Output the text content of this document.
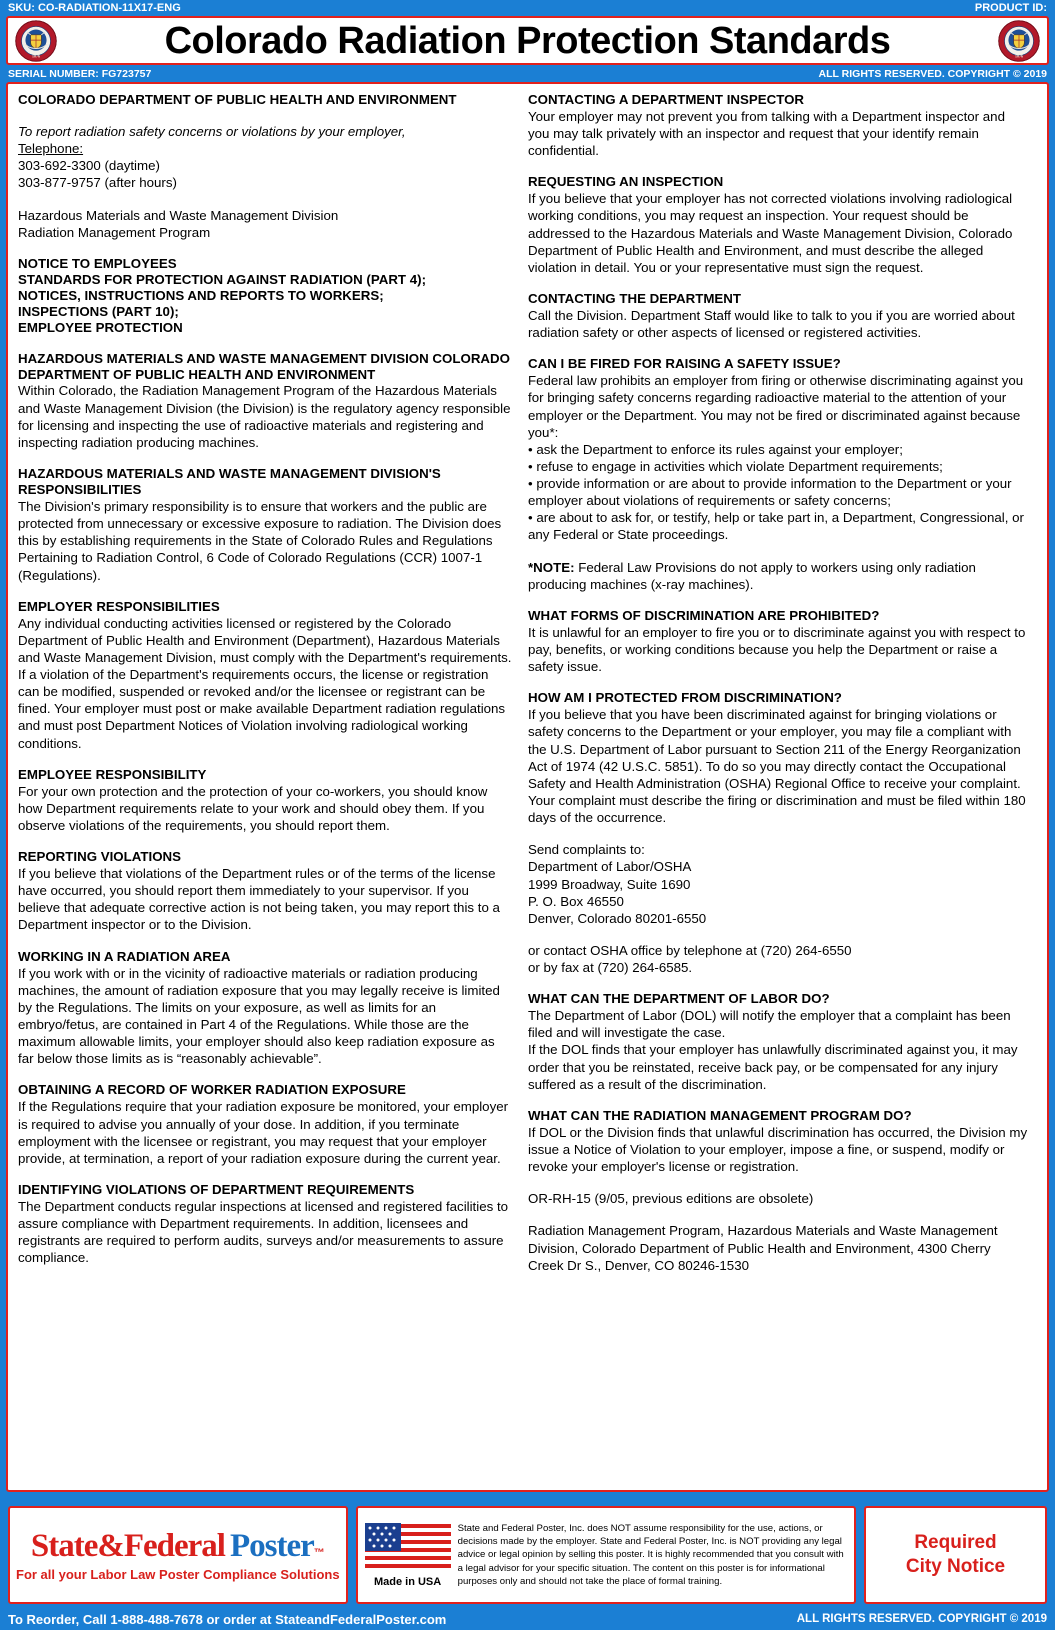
SKU: CO-RADIATION-11X17-ENG	PRODUCT ID:
1876	Colorado Radiation Protection Standards	1876
SERIAL NUMBER: FG723757	ALL RIGHTS RESERVED. COPYRIGHT © 2019
COLORADO DEPARTMENT OF PUBLIC HEALTH AND ENVIRONMENT

To report radiation safety concerns or violations by your employer,

Telephone:

303-692-3300 (daytime)

303-877-9757 (after hours)

Hazardous Materials and Waste Management Division

Radiation Management Program

NOTICE TO EMPLOYEES
STANDARDS FOR PROTECTION AGAINST RADIATION (PART 4);
NOTICES, INSTRUCTIONS AND REPORTS TO WORKERS;
INSPECTIONS (PART 10);
EMPLOYEE PROTECTION
HAZARDOUS MATERIALS AND WASTE MANAGEMENT DIVISION COLORADO DEPARTMENT OF PUBLIC HEALTH AND ENVIRONMENT

Within Colorado, the Radiation Management Program of the Hazardous Materials and Waste Management Division (the Division) is the regulatory agency responsible for licensing and inspecting the use of radioactive materials and registering and inspecting radiation producing machines.

HAZARDOUS MATERIALS AND WASTE MANAGEMENT DIVISION'S RESPONSIBILITIES

The Division's primary responsibility is to ensure that workers and the public are protected from unnecessary or excessive exposure to radiation. The Division does this by establishing requirements in the State of Colorado Rules and Regulations Pertaining to Radiation Control, 6 Code of Colorado Regulations (CCR) 1007-1 (Regulations).

EMPLOYER RESPONSIBILITIES

Any individual conducting activities licensed or registered by the Colorado Department of Public Health and Environment (Department), Hazardous Materials and Waste Management Division, must comply with the Department's requirements. If a violation of the Department's requirements occurs, the license or registration can be modified, suspended or revoked and/or the licensee or registrant can be fined. Your employer must post or make available Department radiation regulations and must post Department Notices of Violation involving radiological working conditions.

EMPLOYEE RESPONSIBILITY

For your own protection and the protection of your co-workers, you should know how Department requirements relate to your work and should obey them. If you observe violations of the requirements, you should report them.

REPORTING VIOLATIONS

If you believe that violations of the Department rules or of the terms of the license have occurred, you should report them immediately to your supervisor. If you believe that adequate corrective action is not being taken, you may report this to a Department inspector or to the Division.

WORKING IN A RADIATION AREA

If you work with or in the vicinity of radioactive materials or radiation producing machines, the amount of radiation exposure that you may legally receive is limited by the Regulations. The limits on your exposure, as well as limits for an embryo/fetus, are contained in Part 4 of the Regulations. While those are the maximum allowable limits, your employer should also keep radiation exposure as far below those limits as is “reasonably achievable”.

OBTAINING A RECORD OF WORKER RADIATION EXPOSURE

If the Regulations require that your radiation exposure be monitored, your employer is required to advise you annually of your dose. In addition, if you terminate employment with the licensee or registrant, you may request that your employer provide, at termination, a report of your radiation exposure during the current year.

IDENTIFYING VIOLATIONS OF DEPARTMENT REQUIREMENTS

The Department conducts regular inspections at licensed and registered facilities to assure compliance with Department requirements. In addition, licensees and registrants are required to perform audits, surveys and/or measurements to assure compliance.

CONTACTING A DEPARTMENT INSPECTOR

Your employer may not prevent you from talking with a Department inspector and you may talk privately with an inspector and request that your identify remain confidential.

REQUESTING AN INSPECTION

If you believe that your employer has not corrected violations involving radiological working conditions, you may request an inspection. Your request should be addressed to the Hazardous Materials and Waste Management Division, Colorado Department of Public Health and Environment, and must describe the alleged violation in detail. You or your representative must sign the request.

CONTACTING THE DEPARTMENT

Call the Division. Department Staff would like to talk to you if you are worried about radiation safety or other aspects of licensed or registered activities.

CAN I BE FIRED FOR RAISING A SAFETY ISSUE?

Federal law prohibits an employer from firing or otherwise discriminating against you for bringing safety concerns regarding radioactive material to the attention of your employer or the Department. You may not be fired or discriminated against because you*:

• ask the Department to enforce its rules against your employer;

• refuse to engage in activities which violate Department requirements;

• provide information or are about to provide information to the Department or your employer about violations of requirements or safety concerns;

• are about to ask for, or testify, help or take part in, a Department, Congressional, or any Federal or State proceedings.

*NOTE: Federal Law Provisions do not apply to workers using only radiation producing machines (x-ray machines).

WHAT FORMS OF DISCRIMINATION ARE PROHIBITED?

It is unlawful for an employer to fire you or to discriminate against you with respect to pay, benefits, or working conditions because you help the Department or raise a safety issue.

HOW AM I PROTECTED FROM DISCRIMINATION?

If you believe that you have been discriminated against for bringing violations or safety concerns to the Department or your employer, you may file a compliant with the U.S. Department of Labor pursuant to Section 211 of the Energy Reorganization Act of 1974 (42 U.S.C. 5851). To do so you may directly contact the Occupational Safety and Health Administration (OSHA) Regional Office to receive your complaint. Your complaint must describe the firing or discrimination and must be filed within 180 days of the occurrence.

Send complaints to:

Department of Labor/OSHA

1999 Broadway, Suite 1690

P. O. Box 46550

Denver, Colorado 80201-6550

or contact OSHA office by telephone at (720) 264-6550

or by fax at (720) 264-6585.

WHAT CAN THE DEPARTMENT OF LABOR DO?

The Department of Labor (DOL) will notify the employer that a complaint has been filed and will investigate the case.

If the DOL finds that your employer has unlawfully discriminated against you, it may order that you be reinstated, receive back pay, or be compensated for any injury suffered as a result of the discrimination.

WHAT CAN THE RADIATION MANAGEMENT PROGRAM DO?

If DOL or the Division finds that unlawful discrimination has occurred, the Division my issue a Notice of Violation to your employer, impose a fine, or suspend, modify or revoke your employer's license or registration.

OR-RH-15 (9/05, previous editions are obsolete)

Radiation Management Program, Hazardous Materials and Waste Management Division, Colorado Department of Public Health and Environment, 4300 Cherry Creek Dr S., Denver, CO 80246-1530

State&Federal Poster ™
For all your Labor Law Poster Compliance Solutions	Made in USA
State and Federal Poster, Inc. does NOT assume responsibility for the use, actions, or decisions made by the employer. State and Federal Poster, Inc. is NOT providing any legal advice or legal opinion by selling this poster. It is highly recommended that you consult with a legal advisor for your specific situation. The content on this poster is for informational purposes only and should not take the place of formal training.
Required
City Notice
To Reorder, Call 1-888-488-7678 or order at StateandFederalPoster.com	ALL RIGHTS RESERVED. COPYRIGHT © 2019
